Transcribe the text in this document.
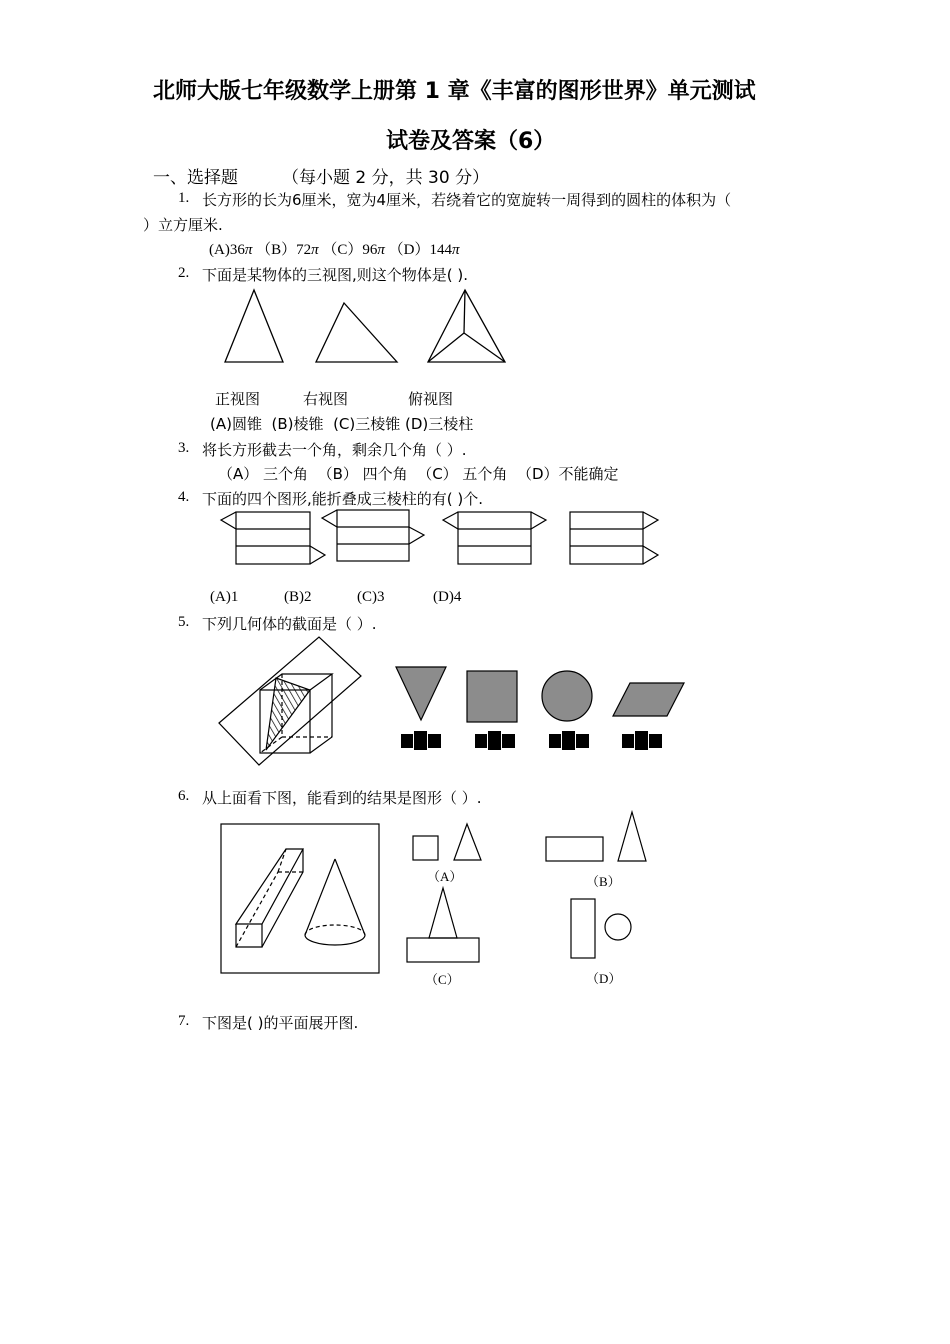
北师大版七年级数学上册第 1 章《丰富的图形世界》单元测试
试卷及答案（6）
一、选择题	（每小题 2 分，共 30 分）
1. 长方形的长为6厘米，宽为4厘米，若绕着它的宽旋转一周得到的圆柱的体积为（
）立方厘米.
(A)36π （B）72π （C）96π （D）144π
2. 下面是某物体的三视图,则这个物体是( ).
正视图	右视图	俯视图
(A)圆锥 (B)棱锥 (C)三棱锥 (D)三棱柱
3. 将长方形截去一个角，剩余几个角（ ）.
（A） 三个角 （B） 四个角 （C） 五个角 （D）不能确定
4. 下面的四个图形,能折叠成三棱柱的有( )个.
(A)1	(B)2	(C)3	(D)4
5. 下列几何体的截面是（ ）.
6. 从上面看下图，能看到的结果是图形（ ）.
（A）	（B）
（C）	（D）
7. 下图是( )的平面展开图.
